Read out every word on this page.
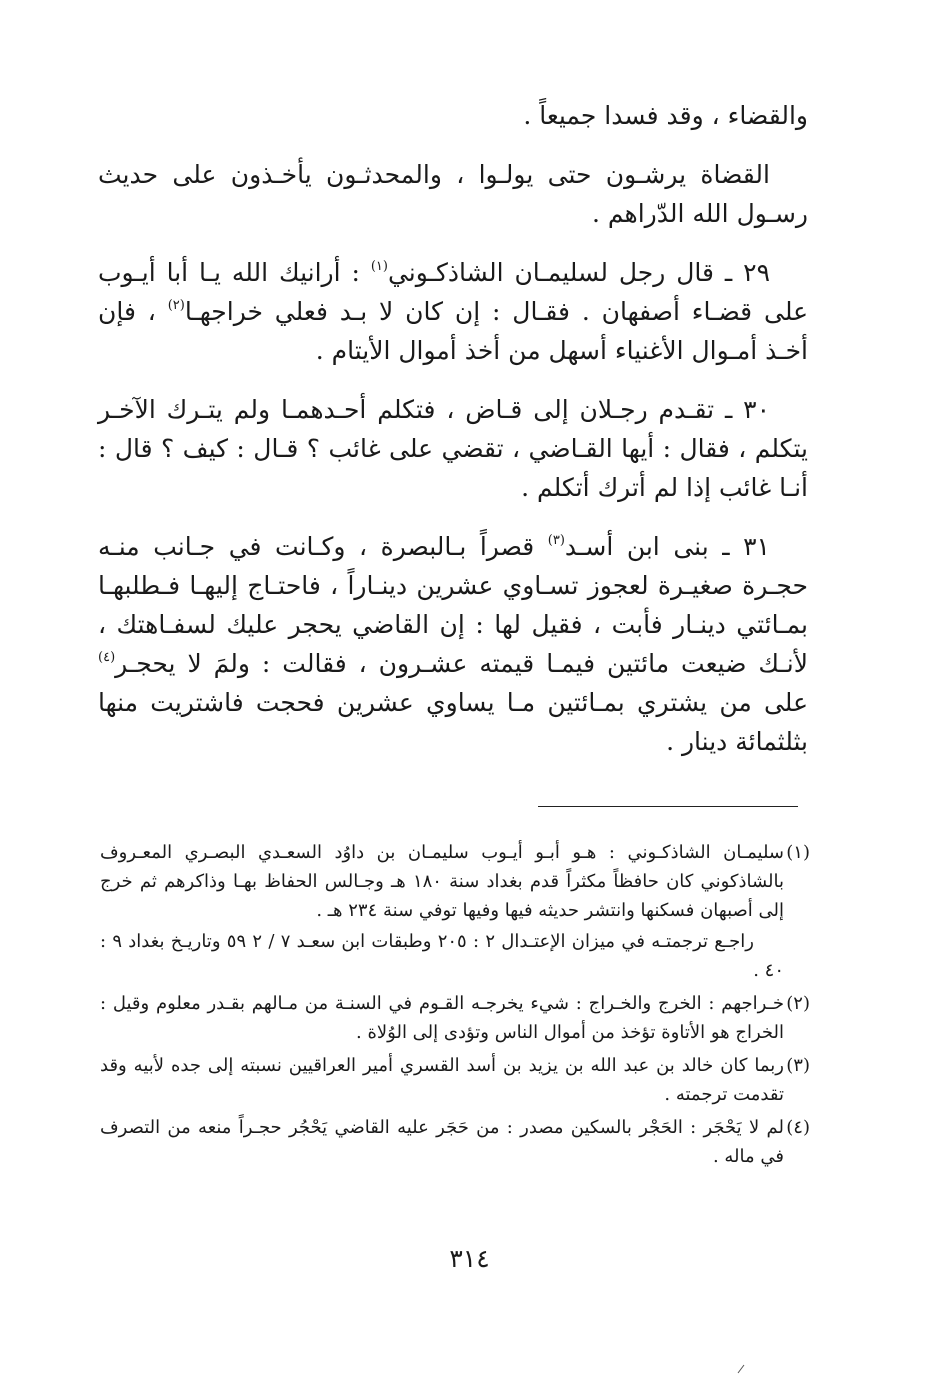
والقضاء ، وقد فسدا جميعاً .

القضاة يرشـون حتى يولـوا ، والمحدثـون يأخـذون على حديث رسـول الله الدّراهم .

٢٩ ـ قال رجل لسليمـان الشاذكـوني$^{(١)}$ : أرانيك الله يـا أبا أيـوب على قضـاء أصفهان . فقـال : إن كان لا بـد فعلي خراجهـا$^{(٢)}$ ، فإن أخـذ أمـوال الأغنياء أسهل من أخذ أموال الأيتام .

٣٠ ـ تقـدم رجـلان إلى قـاض ، فتكلم أحـدهمـا ولم يتـرك الآخـر يتكلم ، فقال : أيها القـاضي ، تقضي على غائب ؟ قـال : كيف ؟ قال : أنـا غائب إذا لم أترك أتكلم .

٣١ ـ بنى ابن أسـد$^{(٣)}$ قصراً بـالبصرة ، وكـانت في جـانب منـه حجـرة صغيـرة لعجوز تسـاوي عشرين دينـاراً ، فاحتـاج إليهـا فـطلبهـا بمـائتي دينـار فأبت ، فقيل لها : إن القاضي يحجر عليك لسفـاهتك ، لأنـك ضيعت مائتين فيمـا قيمته عشـرون ، فقالت : ولمَ لا يحجـر$^{(٤)}$ على من يشتري بمـائتين مـا يساوي عشرين فحجت فاشتريت منها بثلثمائة دينار .

(١)
سليمـان الشاذكـوني : هـو أبـو أيـوب سليمـان بن داوُد السعـدي البصـري المعـروف بالشاذكوني كان حافظاً مكثراً قدم بغداد سنة ١٨٠ هـ وجـالس الحفاظ بهـا وذاكرهم ثم خرج إلى أصبهان فسكنها وانتشر حديثه فيها وفيها توفي سنة ٢٣٤ هـ .
راجـع ترجمتـه في ميزان الإعتـدال ٢ : ٢٠٥ وطبقات ابن سعـد ٧ / ٢ ٥٩ وتاريـخ بغداد ٩ : ٤٠ .
(٢)
خـراجهم : الخرج والخـراج : شيء يخرجـه القـوم في السنـة من مـالهم بقـدر معلوم وقيل : الخراج هو الأتاوة تؤخذ من أموال الناس وتؤدى إلى الوُلاة .
(٣)
ربما كان خالد بن عبد الله بن يزيد بن أسد القسري أمير العراقيين نسبته إلى جده لأبيه وقد تقدمت ترجمته .
(٤)
لم لا يَحْجَر : الحَجْر بالسكين مصدر : من حَجَر عليه القاضي يَحْجُر حجـراً منعه من التصرف في ماله .
٣١٤
